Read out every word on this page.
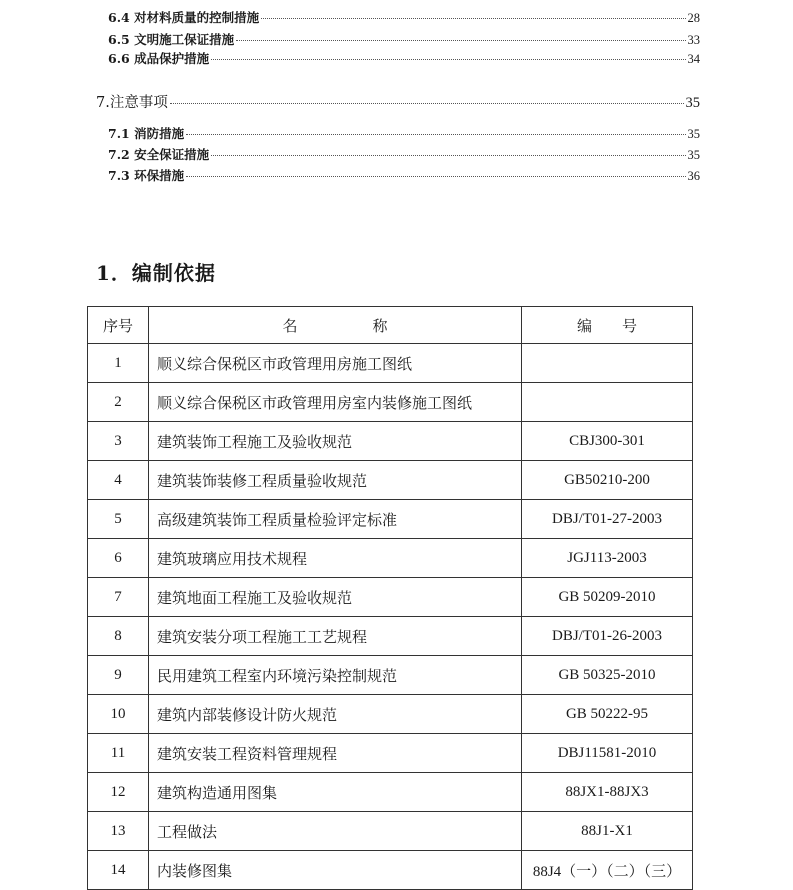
6.4 对材料质量的控制措施	28
6.5 文明施工保证措施	33
6.6 成品保护措施	34
7.注意事项	35
7.1 消防措施	35
7.2 安全保证措施	35
7.3 环保措施	36
1．编制依据
序号	名　　　　　称	编　　号
1	顺义综合保税区市政管理用房施工图纸	
2	顺义综合保税区市政管理用房室内装修施工图纸	
3	建筑装饰工程施工及验收规范	CBJ300-301
4	建筑装饰装修工程质量验收规范	GB50210-200
5	高级建筑装饰工程质量检验评定标准	DBJ/T01-27-2003
6	建筑玻璃应用技术规程	JGJ113-2003
7	建筑地面工程施工及验收规范	GB 50209-2010
8	建筑安装分项工程施工工艺规程	DBJ/T01-26-2003
9	民用建筑工程室内环境污染控制规范	GB 50325-2010
10	建筑内部装修设计防火规范	GB 50222-95
11	建筑安装工程资料管理规程	DBJ11581-2010
12	建筑构造通用图集	88JX1-88JX3
13	工程做法	88J1-X1
14	内装修图集	88J4（一）（二）（三）
